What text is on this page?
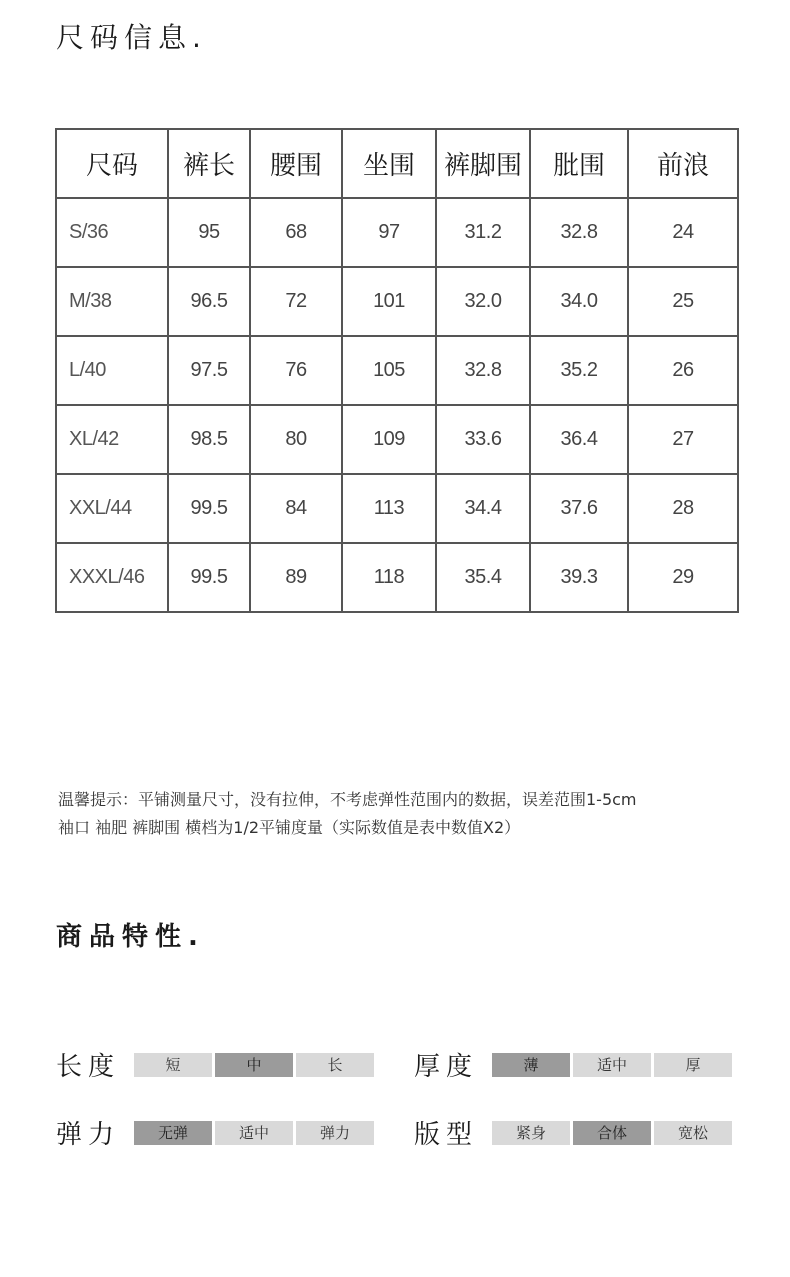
尺码信息.
尺码	裤长	腰围	坐围	裤脚围	肶围	前浪
S/36	95	68	97	31.2	32.8	24
M/38	96.5	72	101	32.0	34.0	25
L/40	97.5	76	105	32.8	35.2	26
XL/42	98.5	80	109	33.6	36.4	27
XXL/44	99.5	84	113	34.4	37.6	28
XXXL/46	99.5	89	118	35.4	39.3	29
温馨提示：平铺测量尺寸，没有拉伸，不考虑弹性范围内的数据，误差范围1-5cm
袖口 袖肥 裤脚围 横档为1/2平铺度量（实际数值是表中数值X2）
商品特性.
长度	短	中	长	厚度	薄	适中	厚
弹力	无弹	适中	弹力	版型	紧身	合体	宽松
